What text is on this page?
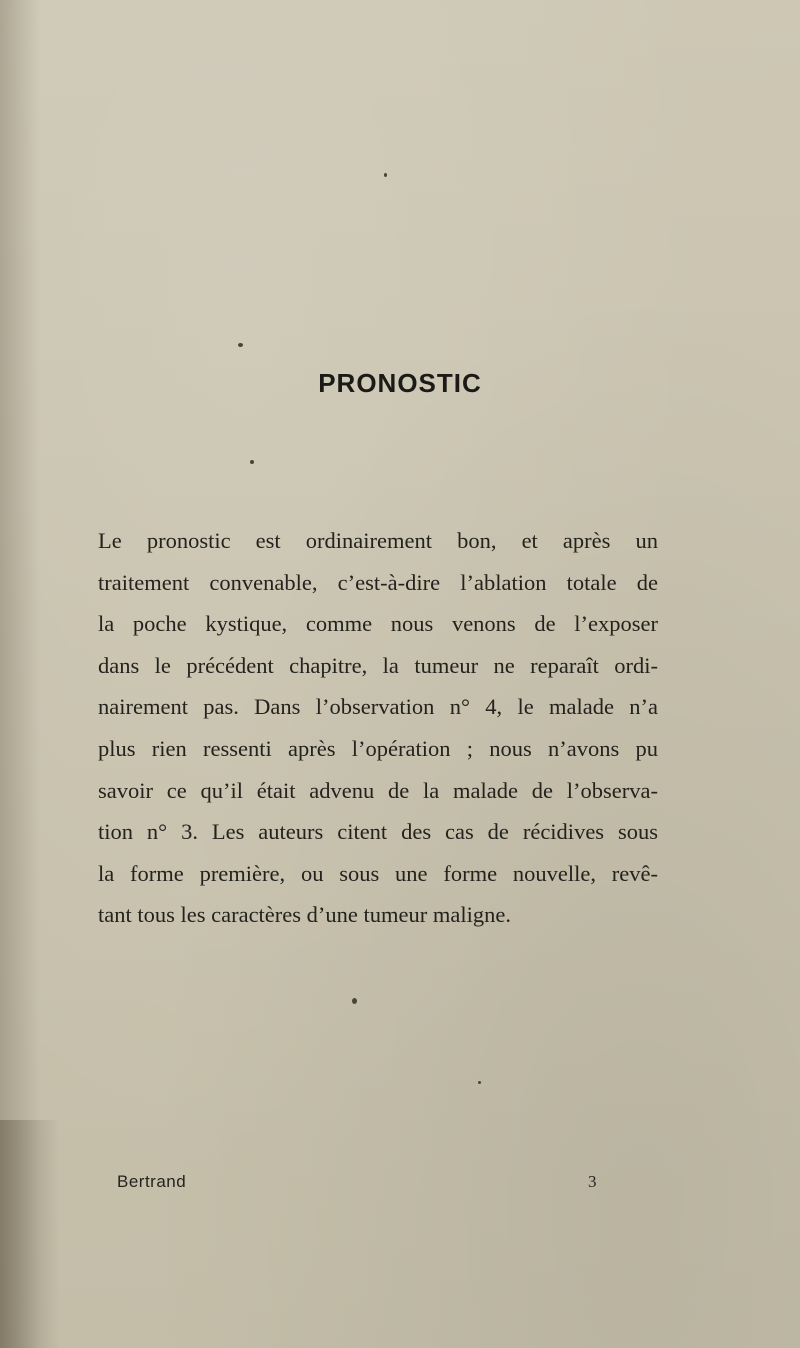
PRONOSTIC
Le pronostic est ordinairement bon, et après un
traitement convenable, c’est-à-dire l’ablation totale de
la poche kystique, comme nous venons de l’exposer
dans le précédent chapitre, la tumeur ne reparaît ordi-
nairement pas. Dans l’observation n° 4, le malade n’a
plus rien ressenti après l’opération ; nous n’avons pu
savoir ce qu’il était advenu de la malade de l’observa-
tion n° 3. Les auteurs citent des cas de récidives sous
la forme première, ou sous une forme nouvelle, revê-
tant tous les caractères d’une tumeur maligne.
Bertrand	3
